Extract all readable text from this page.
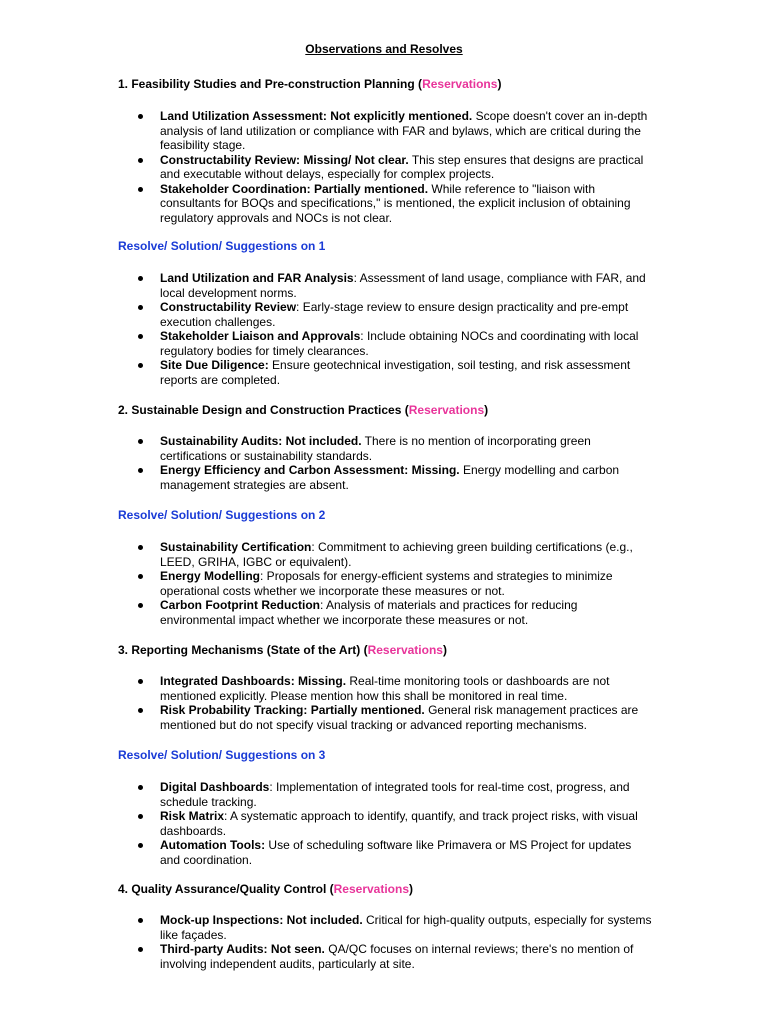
Observations and Resolves
1. Feasibility Studies and Pre-construction Planning (Reservations)
Land Utilization Assessment: Not explicitly mentioned. Scope doesn't cover an in-depth analysis of land utilization or compliance with FAR and bylaws, which are critical during the feasibility stage.
Constructability Review: Missing/ Not clear. This step ensures that designs are practical and executable without delays, especially for complex projects.
Stakeholder Coordination: Partially mentioned. While reference to "liaison with consultants for BOQs and specifications," is mentioned, the explicit inclusion of obtaining regulatory approvals and NOCs is not clear.
Resolve/ Solution/ Suggestions on 1
Land Utilization and FAR Analysis: Assessment of land usage, compliance with FAR, and local development norms.
Constructability Review: Early-stage review to ensure design practicality and pre-empt execution challenges.
Stakeholder Liaison and Approvals: Include obtaining NOCs and coordinating with local regulatory bodies for timely clearances.
Site Due Diligence: Ensure geotechnical investigation, soil testing, and risk assessment reports are completed.
2. Sustainable Design and Construction Practices (Reservations)
Sustainability Audits: Not included. There is no mention of incorporating green certifications or sustainability standards.
Energy Efficiency and Carbon Assessment: Missing. Energy modelling and carbon management strategies are absent.
Resolve/ Solution/ Suggestions on 2
Sustainability Certification: Commitment to achieving green building certifications (e.g., LEED, GRIHA, IGBC or equivalent).
Energy Modelling: Proposals for energy-efficient systems and strategies to minimize operational costs whether we incorporate these measures or not.
Carbon Footprint Reduction: Analysis of materials and practices for reducing environmental impact whether we incorporate these measures or not.
3. Reporting Mechanisms (State of the Art) (Reservations)
Integrated Dashboards: Missing. Real-time monitoring tools or dashboards are not mentioned explicitly. Please mention how this shall be monitored in real time.
Risk Probability Tracking: Partially mentioned. General risk management practices are mentioned but do not specify visual tracking or advanced reporting mechanisms.
Resolve/ Solution/ Suggestions on 3
Digital Dashboards: Implementation of integrated tools for real-time cost, progress, and schedule tracking.
Risk Matrix: A systematic approach to identify, quantify, and track project risks, with visual dashboards.
Automation Tools: Use of scheduling software like Primavera or MS Project for updates and coordination.
4. Quality Assurance/Quality Control (Reservations)
Mock-up Inspections: Not included. Critical for high-quality outputs, especially for systems like façades.
Third-party Audits: Not seen. QA/QC focuses on internal reviews; there's no mention of involving independent audits, particularly at site.
